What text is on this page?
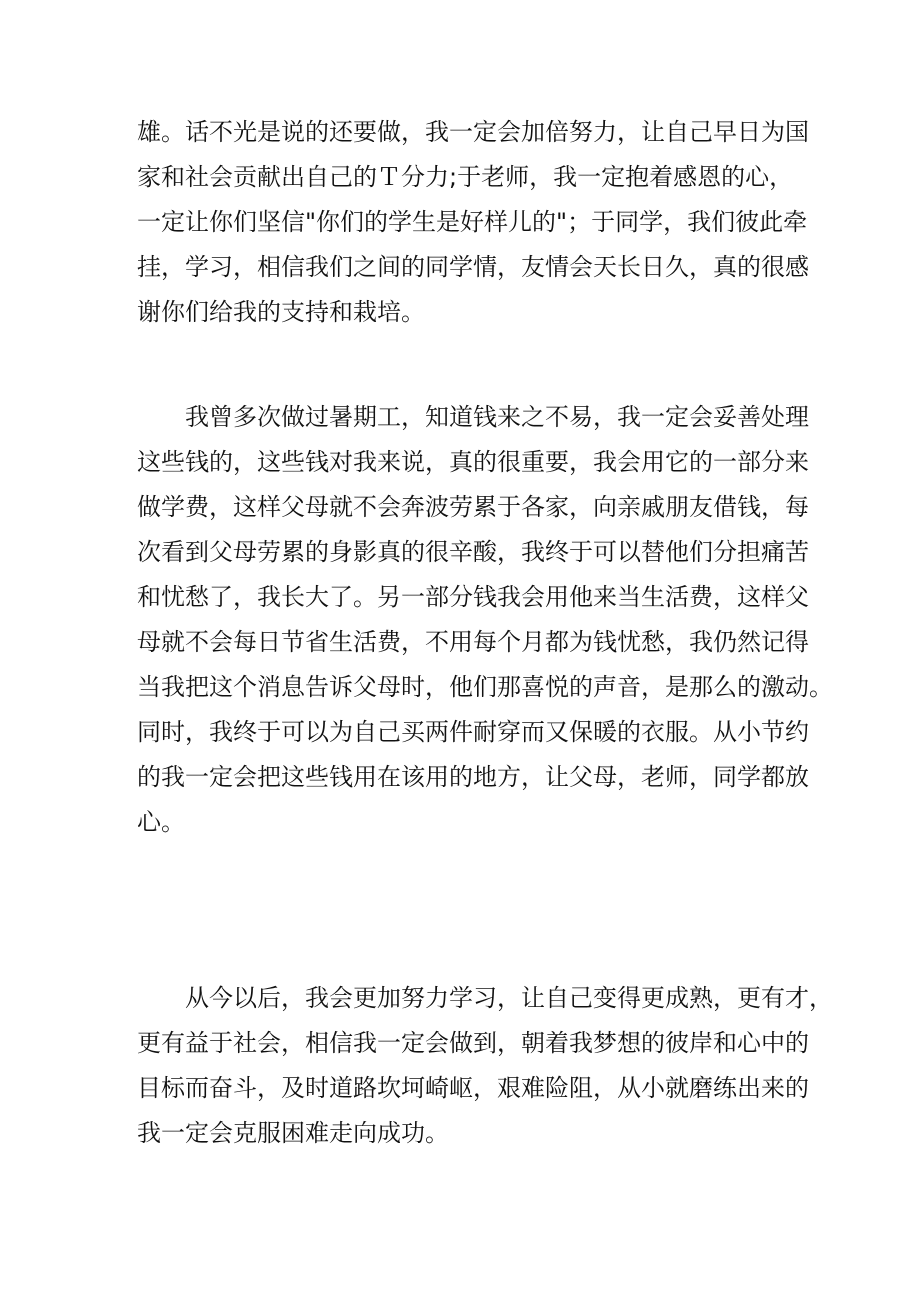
雄。话不光是说的还要做，我一定会加倍努力，让自己早日为国
家和社会贡献出自己的Ｔ分力;于老师，我一定抱着感恩的心，
一定让你们坚信"你们的学生是好样儿的"；于同学，我们彼此牵
挂，学习，相信我们之间的同学情，友情会天长日久，真的很感
谢你们给我的支持和栽培。
我曾多次做过暑期工，知道钱来之不易，我一定会妥善处理
这些钱的，这些钱对我来说，真的很重要，我会用它的一部分来
做学费，这样父母就不会奔波劳累于各家，向亲戚朋友借钱，每
次看到父母劳累的身影真的很辛酸，我终于可以替他们分担痛苦
和忧愁了，我长大了。另一部分钱我会用他来当生活费，这样父
母就不会每日节省生活费，不用每个月都为钱忧愁，我仍然记得
当我把这个消息告诉父母时，他们那喜悦的声音，是那么的激动。
同时，我终于可以为自己买两件耐穿而又保暖的衣服。从小节约
的我一定会把这些钱用在该用的地方，让父母，老师，同学都放
心。
从今以后，我会更加努力学习，让自己变得更成熟，更有才，
更有益于社会，相信我一定会做到，朝着我梦想的彼岸和心中的
目标而奋斗，及时道路坎坷崎岖，艰难险阻，从小就磨练出来的
我一定会克服困难走向成功。
